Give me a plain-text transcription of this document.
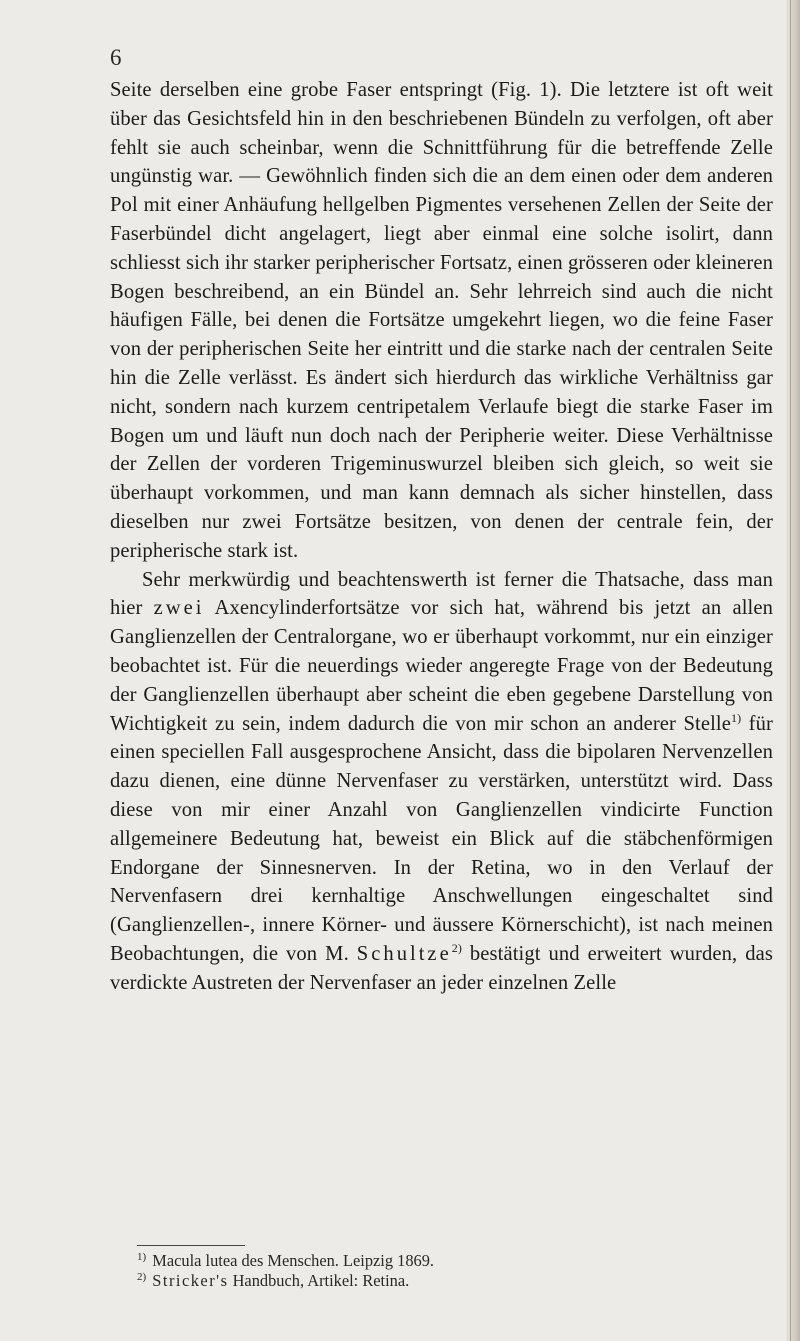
6

Seite derselben eine grobe Faser entspringt (Fig. 1). Die letztere ist oft weit über das Gesichtsfeld hin in den beschriebenen Bündeln zu verfolgen, oft aber fehlt sie auch scheinbar, wenn die Schnittführung für die betreffende Zelle ungünstig war. — Gewöhnlich finden sich die an dem einen oder dem anderen Pol mit einer Anhäufung hellgelben Pigmentes versehenen Zellen der Seite der Faserbündel dicht angelagert, liegt aber einmal eine solche isolirt, dann schliesst sich ihr starker peripherischer Fortsatz, einen grösseren oder kleineren Bogen beschreibend, an ein Bündel an. Sehr lehrreich sind auch die nicht häufigen Fälle, bei denen die Fortsätze umgekehrt liegen, wo die feine Faser von der peripherischen Seite her eintritt und die starke nach der centralen Seite hin die Zelle verlässt. Es ändert sich hierdurch das wirkliche Verhältniss gar nicht, sondern nach kurzem centripetalem Verlaufe biegt die starke Faser im Bogen um und läuft nun doch nach der Peripherie weiter. Diese Verhältnisse der Zellen der vorderen Trigeminuswurzel bleiben sich gleich, so weit sie überhaupt vorkommen, und man kann demnach als sicher hinstellen, dass dieselben nur zwei Fortsätze besitzen, von denen der centrale fein, der peripherische stark ist.

Sehr merkwürdig und beachtenswerth ist ferner die Thatsache, dass man hier zwei Axencylinderfortsätze vor sich hat, während bis jetzt an allen Ganglienzellen der Centralorgane, wo er überhaupt vorkommt, nur ein einziger beobachtet ist. Für die neuerdings wieder angeregte Frage von der Bedeutung der Ganglienzellen überhaupt aber scheint die eben gegebene Darstellung von Wichtigkeit zu sein, indem dadurch die von mir schon an anderer Stelle$^{1)}$ für einen speciellen Fall ausgesprochene Ansicht, dass die bipolaren Nervenzellen dazu dienen, eine dünne Nervenfaser zu verstärken, unterstützt wird. Dass diese von mir einer Anzahl von Ganglienzellen vindicirte Function allgemeinere Bedeutung hat, beweist ein Blick auf die stäbchenförmigen Endorgane der Sinnesnerven. In der Retina, wo in den Verlauf der Nervenfasern drei kernhaltige Anschwellungen eingeschaltet sind (Ganglienzellen-, innere Körner- und äussere Körnerschicht), ist nach meinen Beobachtungen, die von M. Schultze$^{2)}$ bestätigt und erweitert wurden, das verdickte Austreten der Nervenfaser an jeder einzelnen Zelle

$^{1)}$ Macula lutea des Menschen. Leipzig 1869.

$^{2)}$ Stricker's Handbuch, Artikel: Retina.
